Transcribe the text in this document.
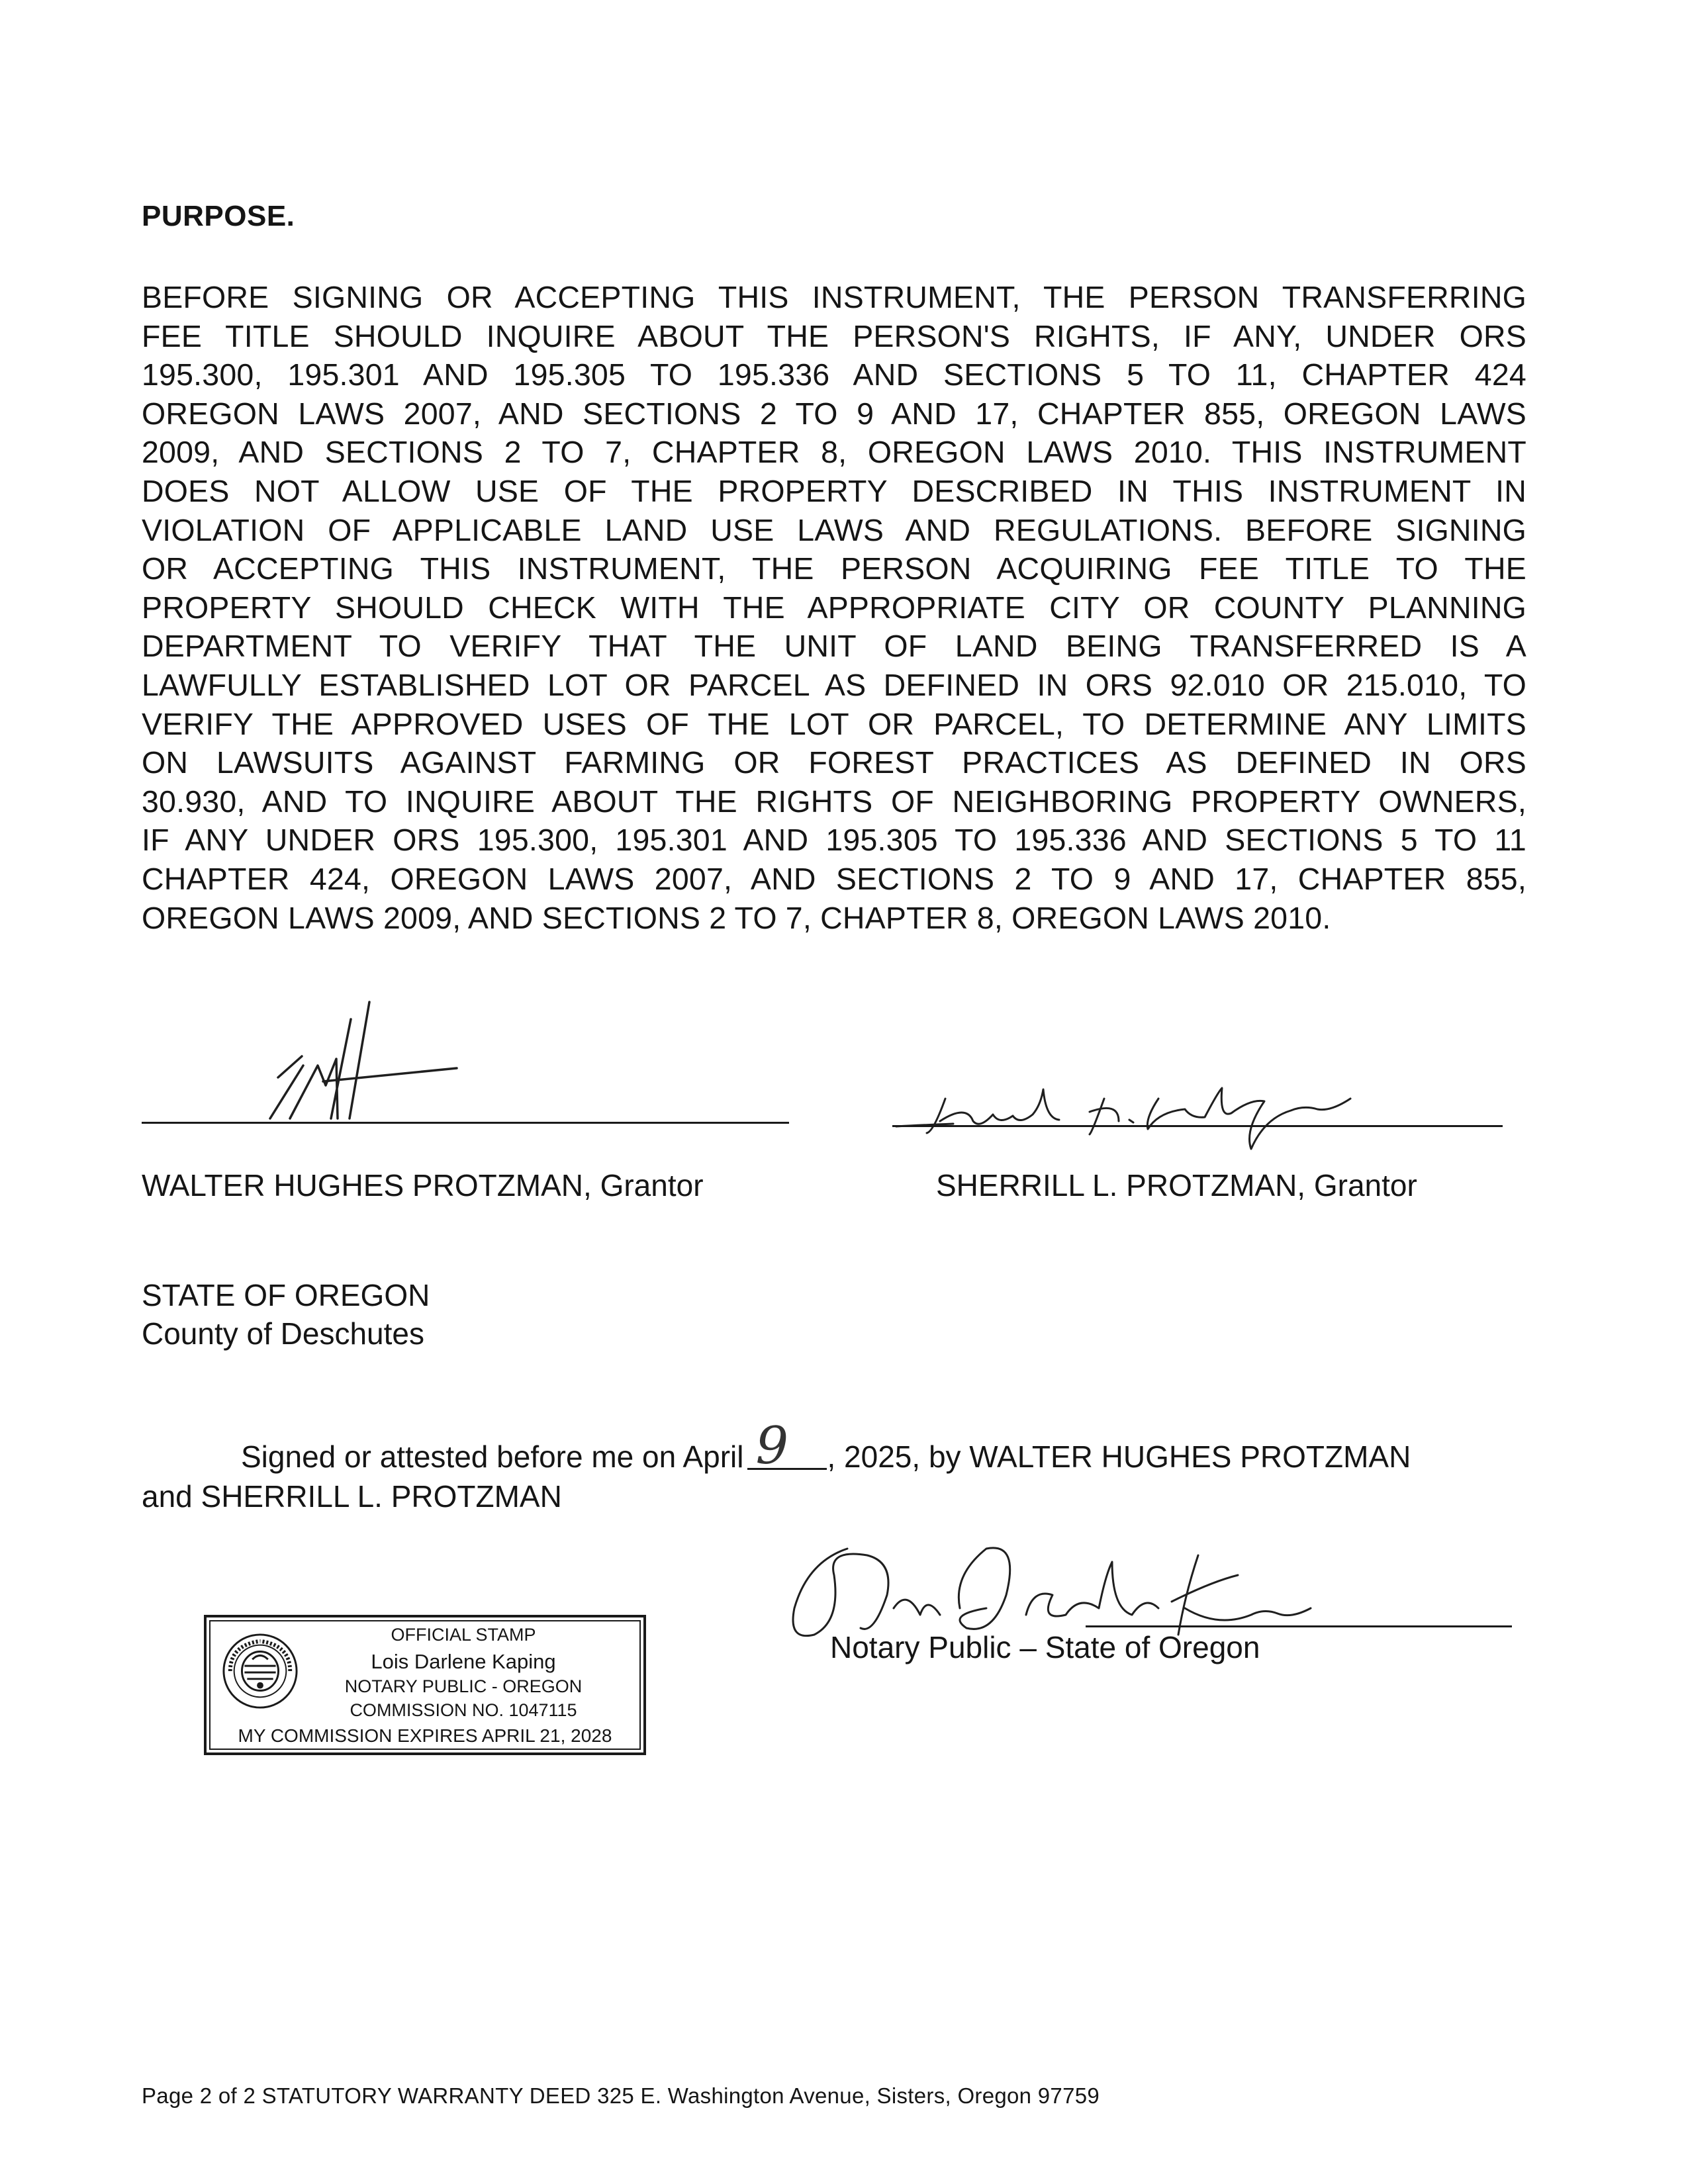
PURPOSE.
BEFORE SIGNING OR ACCEPTING THIS INSTRUMENT, THE PERSON TRANSFERRING
FEE TITLE SHOULD INQUIRE ABOUT THE PERSON'S RIGHTS, IF ANY, UNDER ORS
195.300, 195.301 AND 195.305 TO 195.336 AND SECTIONS 5 TO 11, CHAPTER 424
OREGON LAWS 2007, AND SECTIONS 2 TO 9 AND 17, CHAPTER 855, OREGON LAWS
2009, AND SECTIONS 2 TO 7, CHAPTER 8, OREGON LAWS 2010. THIS INSTRUMENT
DOES NOT ALLOW USE OF THE PROPERTY DESCRIBED IN THIS INSTRUMENT IN
VIOLATION OF APPLICABLE LAND USE LAWS AND REGULATIONS. BEFORE SIGNING
OR ACCEPTING THIS INSTRUMENT, THE PERSON ACQUIRING FEE TITLE TO THE
PROPERTY SHOULD CHECK WITH THE APPROPRIATE CITY OR COUNTY PLANNING
DEPARTMENT TO VERIFY THAT THE UNIT OF LAND BEING TRANSFERRED IS A
LAWFULLY ESTABLISHED LOT OR PARCEL AS DEFINED IN ORS 92.010 OR 215.010, TO
VERIFY THE APPROVED USES OF THE LOT OR PARCEL, TO DETERMINE ANY LIMITS
ON LAWSUITS AGAINST FARMING OR FOREST PRACTICES AS DEFINED IN ORS
30.930, AND TO INQUIRE ABOUT THE RIGHTS OF NEIGHBORING PROPERTY OWNERS,
IF ANY UNDER ORS 195.300, 195.301 AND 195.305 TO 195.336 AND SECTIONS 5 TO 11
CHAPTER 424, OREGON LAWS 2007, AND SECTIONS 2 TO 9 AND 17, CHAPTER 855,
OREGON LAWS 2009, AND SECTIONS 2 TO 7, CHAPTER 8, OREGON LAWS 2010.
WALTER HUGHES PROTZMAN, Grantor	SHERRILL L. PROTZMAN, Grantor
STATE OF OREGON
County of Deschutes
Signed or attested before me on April 9 , 2025, by WALTER HUGHES PROTZMAN
and SHERRILL L. PROTZMAN
Notary Public – State of Oregon
OFFICIAL STAMP
Lois Darlene Kaping
NOTARY PUBLIC - OREGON
COMMISSION NO. 1047115
MY COMMISSION EXPIRES APRIL 21, 2028
Page 2 of 2 STATUTORY WARRANTY DEED 325 E. Washington Avenue, Sisters, Oregon 97759
